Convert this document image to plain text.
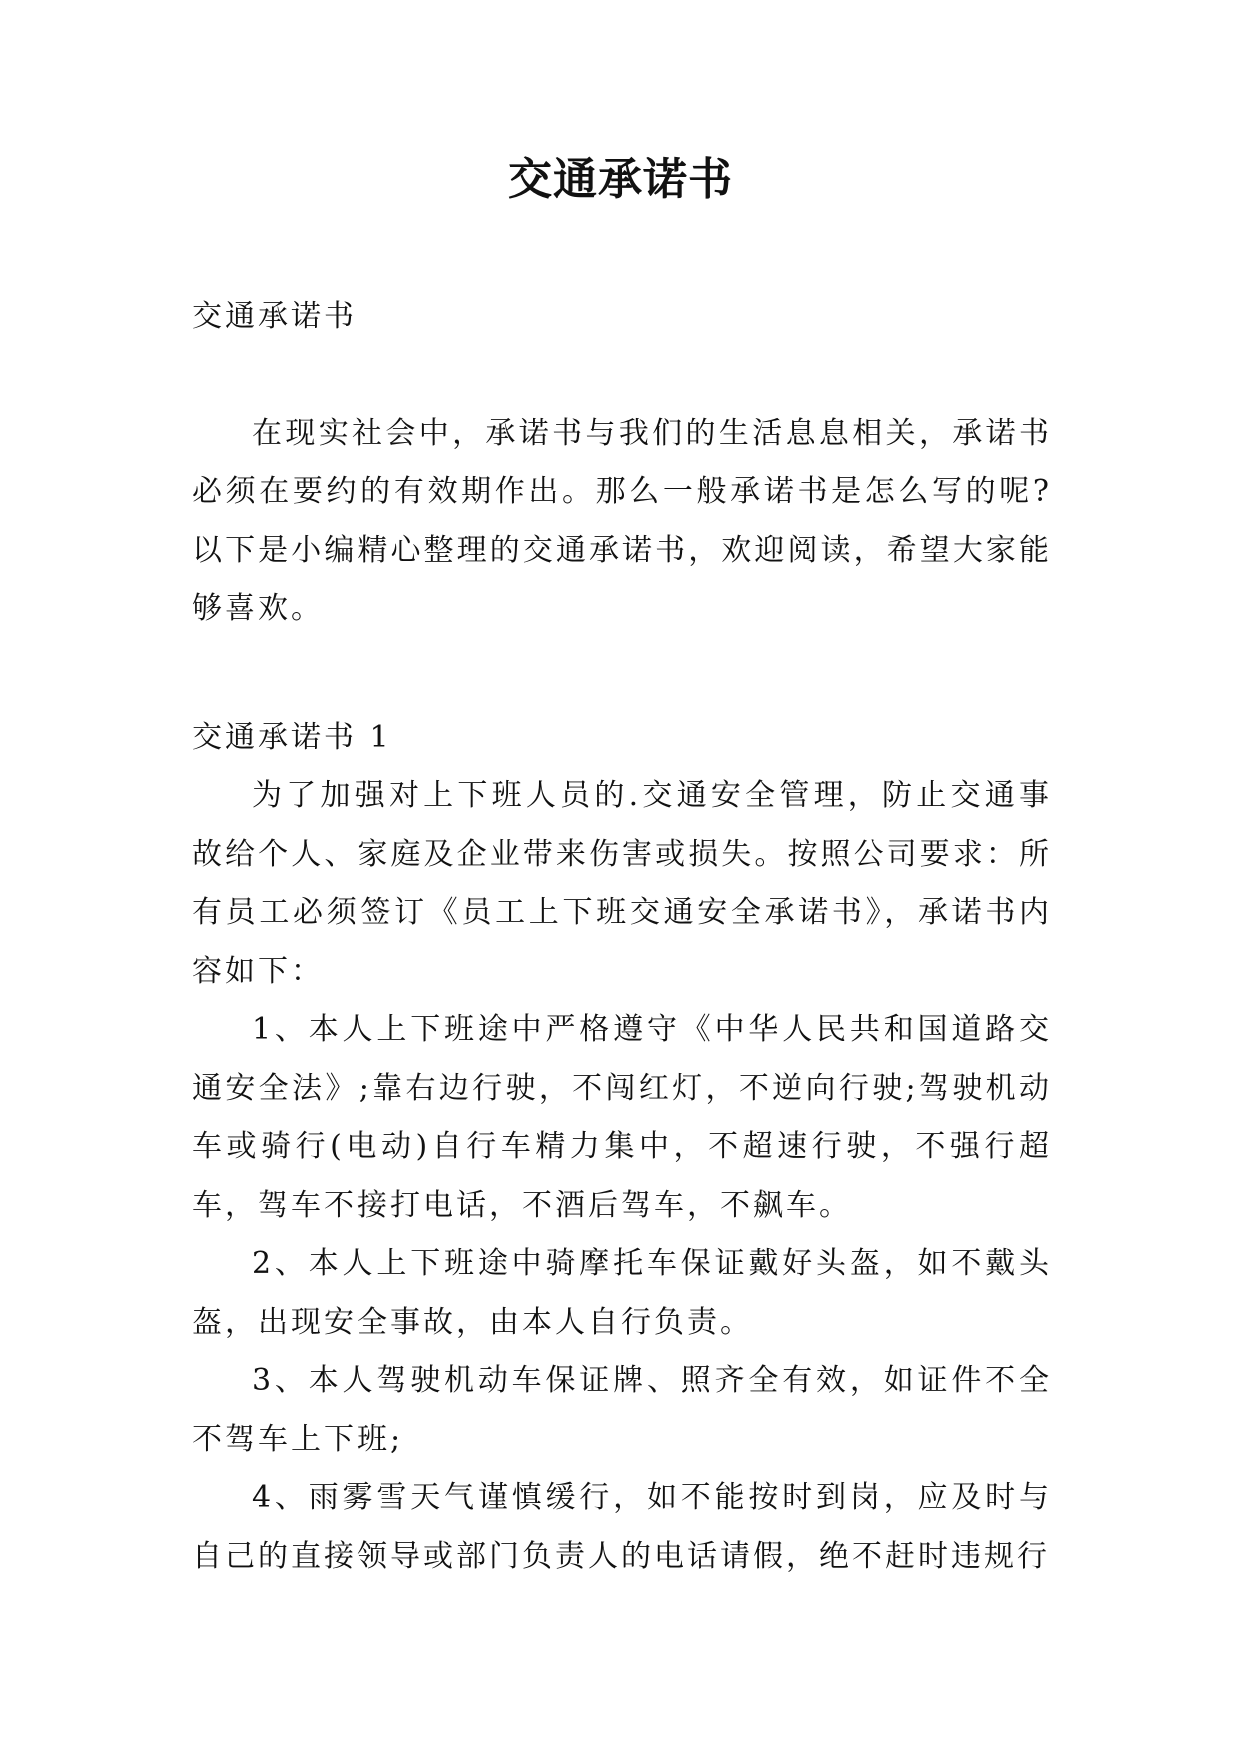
交通承诺书

交通承诺书

在现实社会中，承诺书与我们的生活息息相关，承诺书必须在要约的有效期作出。那么一般承诺书是怎么写的呢?以下是小编精心整理的交通承诺书，欢迎阅读，希望大家能够喜欢。

交通承诺书 1

为了加强对上下班人员的.交通安全管理，防止交通事故给个人、家庭及企业带来伤害或损失。按照公司要求：所有员工必须签订《员工上下班交通安全承诺书》，承诺书内容如下：

1、本人上下班途中严格遵守《中华人民共和国道路交通安全法》;靠右边行驶，不闯红灯，不逆向行驶;驾驶机动车或骑行(电动)自行车精力集中，不超速行驶，不强行超车，驾车不接打电话，不酒后驾车，不飙车。

2、本人上下班途中骑摩托车保证戴好头盔，如不戴头盔，出现安全事故，由本人自行负责。

3、本人驾驶机动车保证牌、照齐全有效，如证件不全不驾车上下班;

4、雨雾雪天气谨慎缓行，如不能按时到岗，应及时与自己的直接领导或部门负责人的电话请假，绝不赶时违规行
